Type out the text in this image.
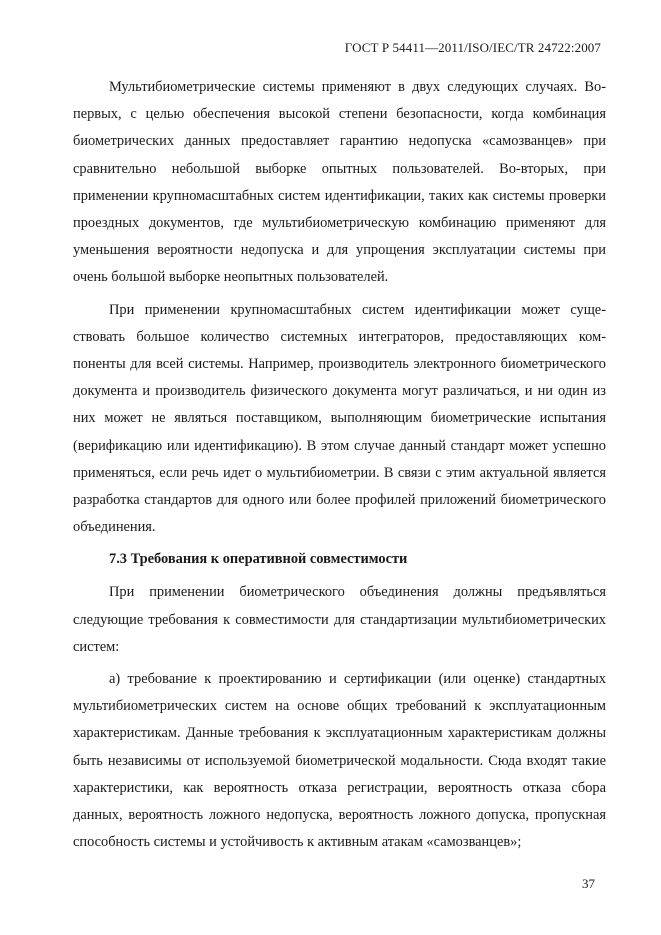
ГОСТ Р 54411—2011/ISO/IEC/TR 24722:2007

Мультибиометрические системы применяют в двух следующих случаях. Во-первых, с целью обеспечения высокой степени безопасности, когда комбинация биометрических данных предоставляет гарантию недопуска «самозванцев» при сравнительно небольшой выборке опытных пользователей. Во-вторых, при применении крупномасштабных систем идентификации, таких как системы проверки проездных документов, где мультибиометрическую комбинацию применяют для уменьшения вероятности недопуска и для упрощения эксплуатации системы при очень большой выборке неопытных пользователей.

При применении крупномасштабных систем идентификации может существовать большое количество системных интеграторов, предоставляющих компоненты для всей системы. Например, производитель электронного биометрического документа и производитель физического документа могут различаться, и ни один из них может не являться поставщиком, выполняющим биометрические испытания (верификацию или идентификацию). В этом случае данный стандарт может успешно применяться, если речь идет о мультибиометрии. В связи с этим актуальной является разработка стандартов для одного или более профилей приложений биометрического объединения.

7.3 Требования к оперативной совместимости

При применении биометрического объединения должны предъявляться следующие требования к совместимости для стандартизации мультибиометрических систем:

а) требование к проектированию и сертификации (или оценке) стандартных мультибиометрических систем на основе общих требований к эксплуатационным характеристикам. Данные требования к эксплуатационным характеристикам должны быть независимы от используемой биометрической модальности. Сюда входят такие характеристики, как вероятность отказа регистрации, вероятность отказа сбора данных, вероятность ложного недопуска, вероятность ложного допуска, пропускная способность системы и устойчивость к активным атакам «самозванцев»;

37
